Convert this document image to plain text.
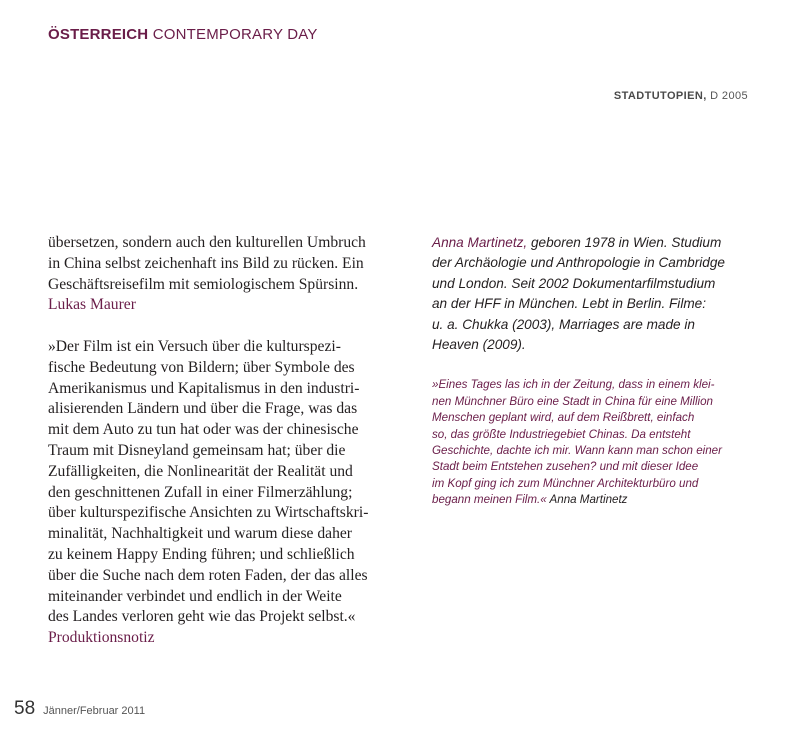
ÖSTERREICH CONTEMPORARY DAY
STADTUTOPIEN, D 2005

übersetzen, sondern auch den kulturellen Umbruch

in China selbst zeichenhaft ins Bild zu rücken. Ein

Geschäftsreisefilm mit semiologischem Spürsinn.

Lukas Maurer

»Der Film ist ein Versuch über die kulturspezi-

fische Bedeutung von Bildern; über Symbole des

Amerikanismus und Kapitalismus in den industri-

alisierenden Ländern und über die Frage, was das

mit dem Auto zu tun hat oder was der chinesische

Traum mit Disneyland gemeinsam hat; über die

Zufälligkeiten, die Nonlinearität der Realität und

den geschnittenen Zufall in einer Filmerzählung;

über kulturspezifische Ansichten zu Wirtschaftskri-

minalität, Nachhaltigkeit und warum diese daher

zu keinem Happy Ending führen; und schließlich

über die Suche nach dem roten Faden, der das alles

miteinander verbindet und endlich in der Weite

des Landes verloren geht wie das Projekt selbst.«

Produktionsnotiz

Anna Martinetz, geboren 1978 in Wien. Studium
der Archäologie und Anthropologie in Cambridge
und London. Seit 2002 Dokumentarfilmstudium
an der HFF in München. Lebt in Berlin. Filme:
u. a. Chukka (2003), Marriages are made in
Heaven (2009).
»Eines Tages las ich in der Zeitung, dass in einem klei-
nen Münchner Büro eine Stadt in China für eine Million
Menschen geplant wird, auf dem Reißbrett, einfach
so, das größte Industriegebiet Chinas. Da entsteht
Geschichte, dachte ich mir. Wann kann man schon einer
Stadt beim Entstehen zusehen? und mit dieser Idee
im Kopf ging ich zum Münchner Architekturbüro und
begann meinen Film.« Anna Martinetz
58 Jänner/Februar 2011
